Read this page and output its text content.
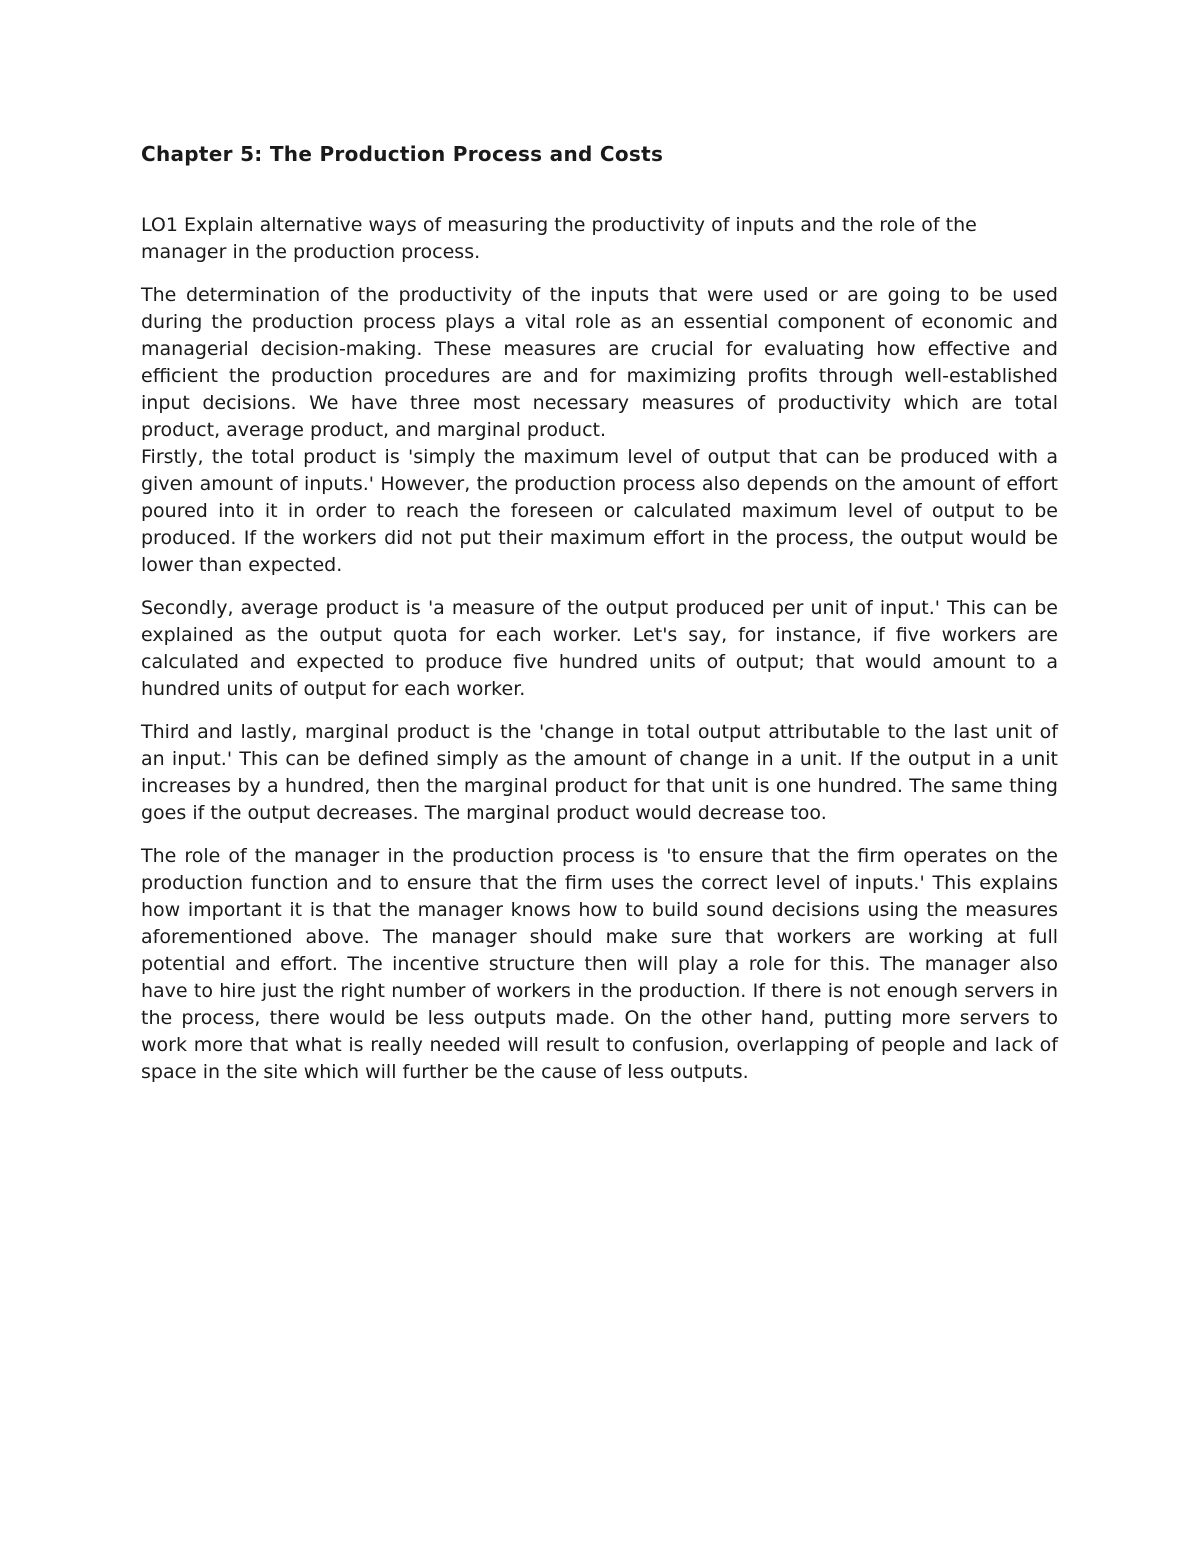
Chapter 5: The Production Process and Costs

LO1 Explain alternative ways of measuring the productivity of inputs and the role of the manager in the production process.

The determination of the productivity of the inputs that were used or are going to be used during the production process plays a vital role as an essential component of economic and managerial decision-making. These measures are crucial for evaluating how effective and efficient the production procedures are and for maximizing profits through well-established input decisions. We have three most necessary measures of productivity which are total product, average product, and marginal product.

Firstly, the total product is 'simply the maximum level of output that can be produced with a given amount of inputs.' However, the production process also depends on the amount of effort poured into it in order to reach the foreseen or calculated maximum level of output to be produced. If the workers did not put their maximum effort in the process, the output would be lower than expected.

Secondly, average product is 'a measure of the output produced per unit of input.' This can be explained as the output quota for each worker. Let's say, for instance, if five workers are calculated and expected to produce five hundred units of output; that would amount to a hundred units of output for each worker.

Third and lastly, marginal product is the 'change in total output attributable to the last unit of an input.' This can be defined simply as the amount of change in a unit. If the output in a unit increases by a hundred, then the marginal product for that unit is one hundred. The same thing goes if the output decreases. The marginal product would decrease too.

The role of the manager in the production process is 'to ensure that the firm operates on the production function and to ensure that the firm uses the correct level of inputs.' This explains how important it is that the manager knows how to build sound decisions using the measures aforementioned above. The manager should make sure that workers are working at full potential and effort. The incentive structure then will play a role for this. The manager also have to hire just the right number of workers in the production. If there is not enough servers in the process, there would be less outputs made. On the other hand, putting more servers to work more that what is really needed will result to confusion, overlapping of people and lack of space in the site which will further be the cause of less outputs.
